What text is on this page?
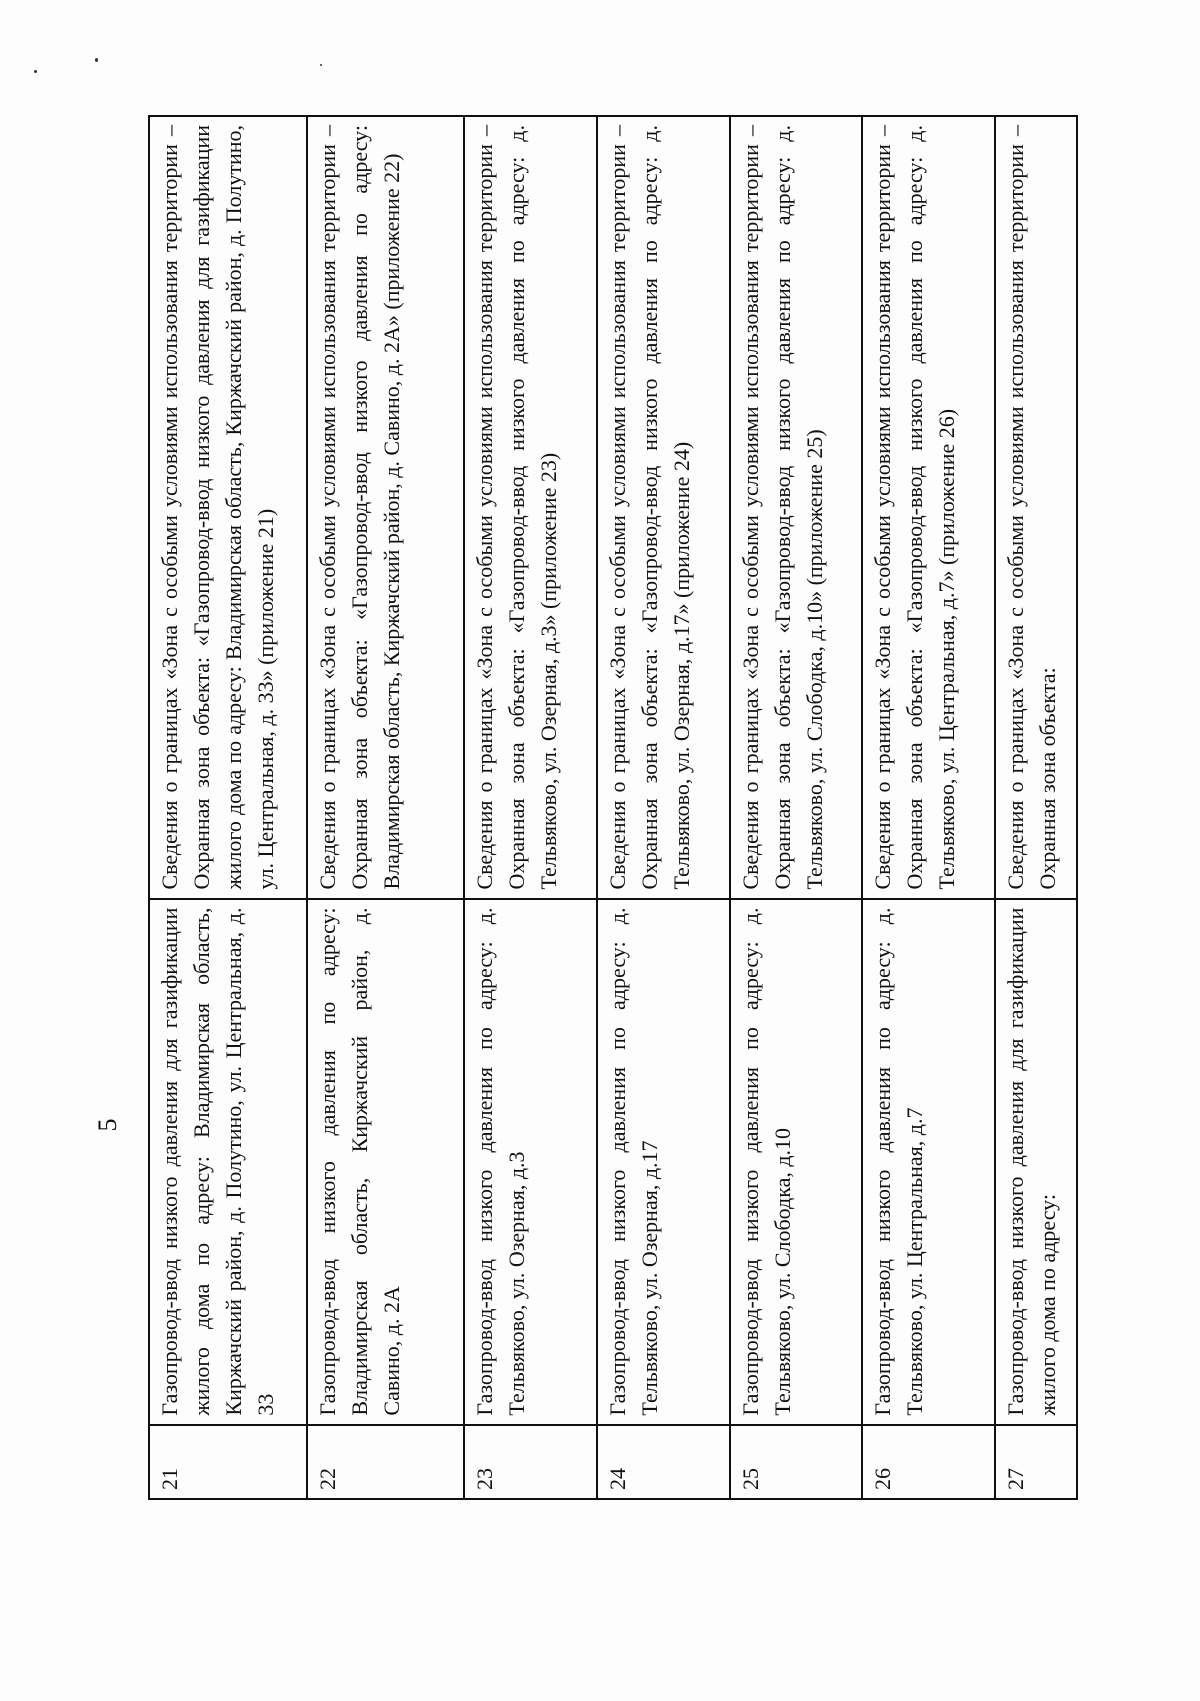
5
21	Газопровод-ввод низкого давления для газификации жилого дома по адресу: Владимирская область, Киржачский район, д. Полутино, ул. Центральная, д. 33	Сведения о границах «Зона с особыми условиями использования территории – Охранная зона объекта: «Газопровод-ввод низкого давления для газификации жилого дома по адресу: Владимирская область, Киржачский район, д. Полутино, ул. Центральная, д. 33» (приложение 21)
22	Газопровод-ввод низкого давления по адресу: Владимирская область, Киржачский район, д. Савино, д. 2А	Сведения о границах «Зона с особыми условиями использования территории – Охранная зона объекта: «Газопровод-ввод низкого давления по адресу: Владимирская область, Киржачский район, д. Савино, д. 2А» (приложение 22)
23	Газопровод-ввод низкого давления по адресу: д. Тельвяково, ул. Озерная, д.3	Сведения о границах «Зона с особыми условиями использования территории – Охранная зона объекта: «Газопровод-ввод низкого давления по адресу: д. Тельвяково, ул. Озерная, д.3» (приложение 23)
24	Газопровод-ввод низкого давления по адресу: д. Тельвяково, ул. Озерная, д.17	Сведения о границах «Зона с особыми условиями использования территории – Охранная зона объекта: «Газопровод-ввод низкого давления по адресу: д. Тельвяково, ул. Озерная, д.17» (приложение 24)
25	Газопровод-ввод низкого давления по адресу: д. Тельвяково, ул. Слободка, д.10	Сведения о границах «Зона с особыми условиями использования территории – Охранная зона объекта: «Газопровод-ввод низкого давления по адресу: д. Тельвяково, ул. Слободка, д.10» (приложение 25)
26	Газопровод-ввод низкого давления по адресу: д. Тельвяково, ул. Центральная, д.7	Сведения о границах «Зона с особыми условиями использования территории – Охранная зона объекта: «Газопровод-ввод низкого давления по адресу: д. Тельвяково, ул. Центральная, д.7» (приложение 26)
27	Газопровод-ввод низкого давления для газификации жилого дома по адресу:	Сведения о границах «Зона с особыми условиями использования территории – Охранная зона объекта:
